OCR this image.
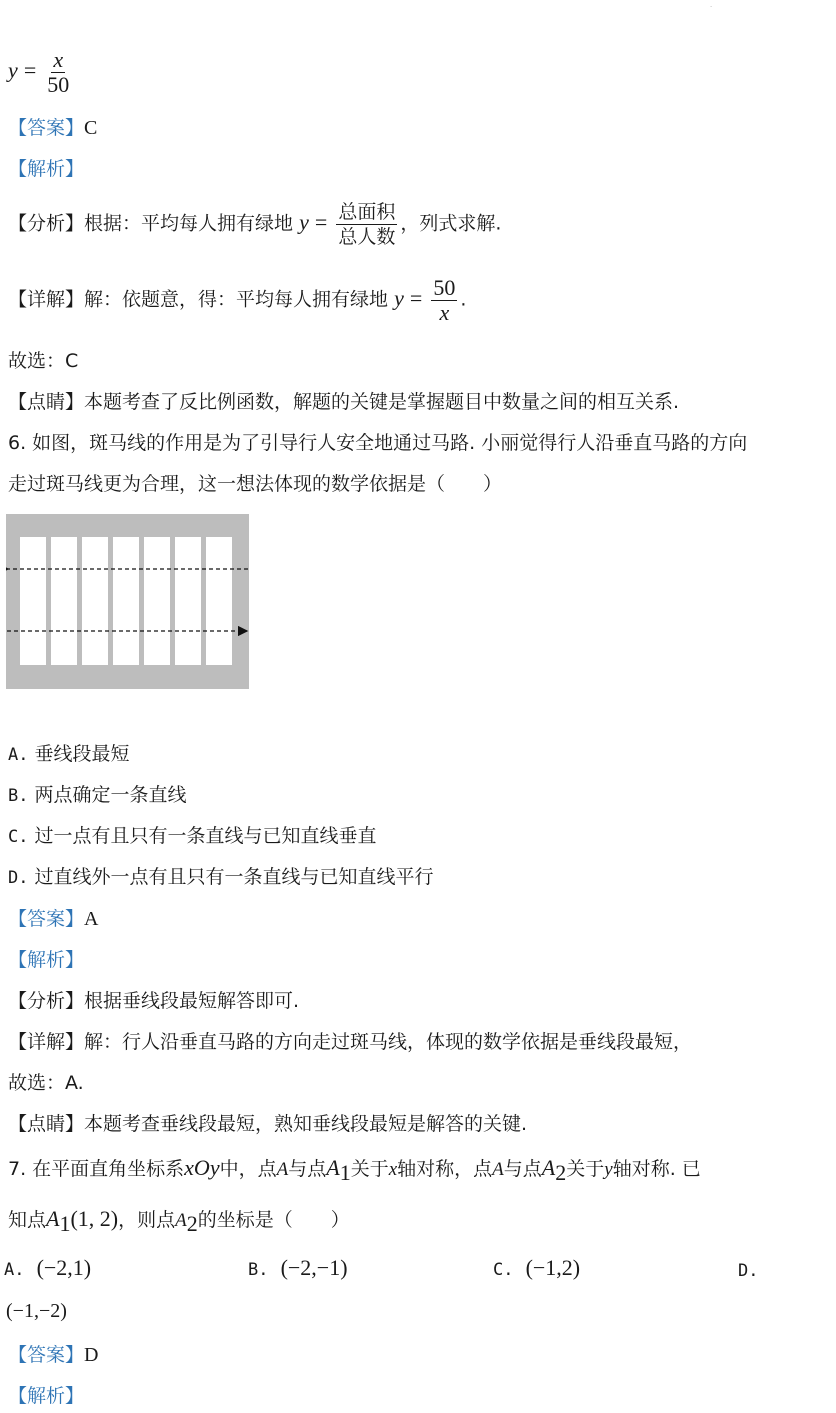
·
$y = \frac{x}{50}$
【答案】C
【解析】
【分析】根据：平均每人拥有绿地 $y = \frac{\text{总面积}}{\text{总人数}}$ ，列式求解.
【详解】解：依题意，得：平均每人拥有绿地 $y = \frac{50}{x}$ .
故选：C
【点睛】本题考查了反比例函数，解题的关键是掌握题目中数量之间的相互关系.
6. 如图，斑马线的作用是为了引导行人安全地通过马路. 小丽觉得行人沿垂直马路的方向
走过斑马线更为合理，这一想法体现的数学依据是（　　）
A. 垂线段最短
B. 两点确定一条直线
C. 过一点有且只有一条直线与已知直线垂直
D. 过直线外一点有且只有一条直线与已知直线平行
【答案】A
【解析】
【分析】根据垂线段最短解答即可.
【详解】解：行人沿垂直马路的方向走过斑马线，体现的数学依据是垂线段最短，
故选：A.
【点睛】本题考查垂线段最短，熟知垂线段最短是解答的关键.
7. 在平面直角坐标系xOy中，点A与点$A_1$关于x轴对称，点A与点$A_2$关于y轴对称. 已
知点$A_1(1$, 2)，则点$A_2$的坐标是（　　）
A. (−2,1)	B. (−2,−1)	C. (−1,2)	D.
(−1,−2)
【答案】D
【解析】
